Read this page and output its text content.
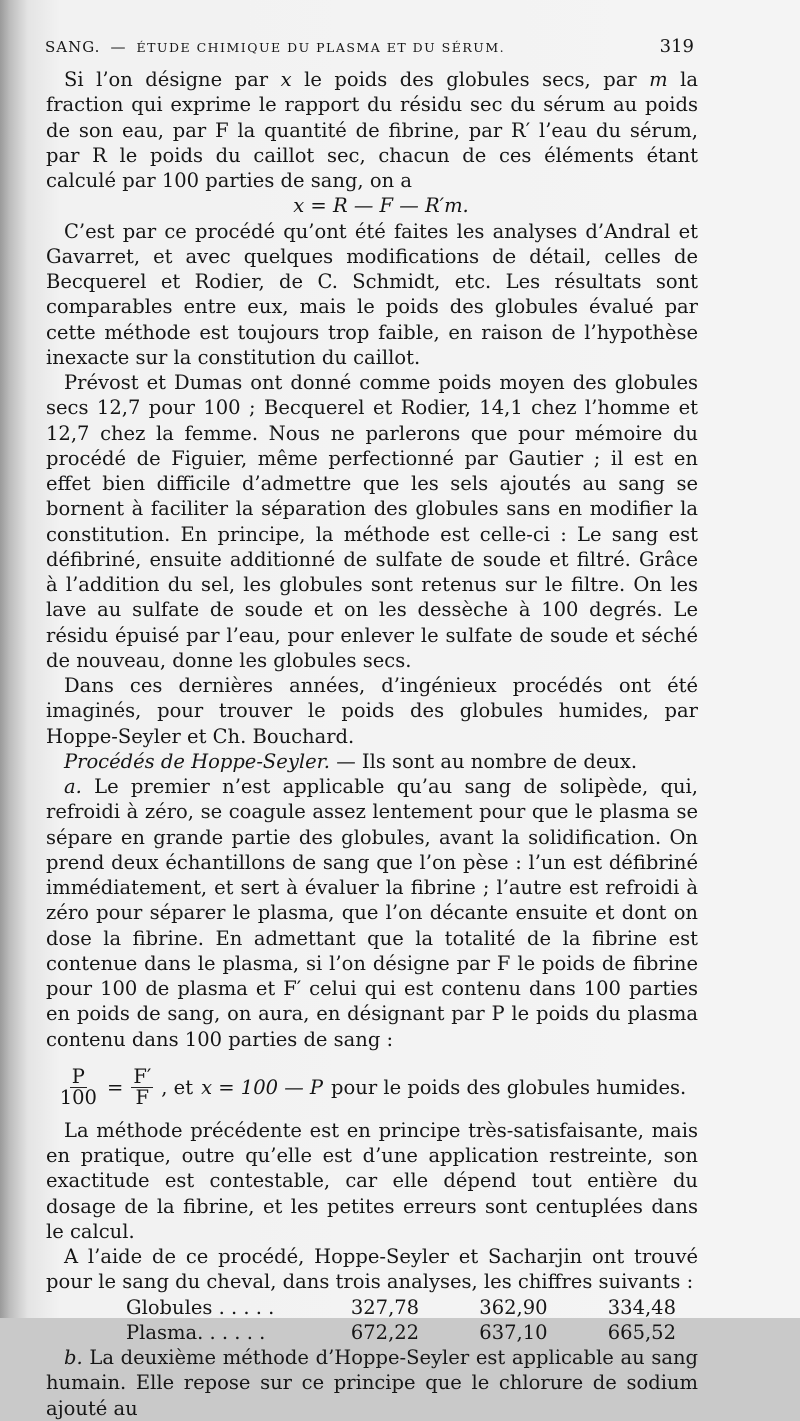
SANG. — ÉTUDE CHIMIQUE DU PLASMA ET DU SÉRUM.	319

Si l’on désigne par x le poids des globules secs, par m la fraction qui exprime le rapport du résidu sec du sérum au poids de son eau, par F la quantité de fibrine, par R′ l’eau du sérum, par R le poids du caillot sec, chacun de ces éléments étant calculé par 100 parties de sang, on a

x = R — F — R′m.

C’est par ce procédé qu’ont été faites les analyses d’Andral et Gavarret, et avec quelques modifications de détail, celles de Becquerel et Rodier, de C. Schmidt, etc. Les résultats sont comparables entre eux, mais le poids des globules évalué par cette méthode est toujours trop faible, en raison de l’hypothèse inexacte sur la constitution du caillot.

Prévost et Dumas ont donné comme poids moyen des globules secs 12,7 pour 100 ; Becquerel et Rodier, 14,1 chez l’homme et 12,7 chez la femme. Nous ne parlerons que pour mémoire du procédé de Figuier, même perfectionné par Gautier ; il est en effet bien difficile d’admettre que les sels ajoutés au sang se bornent à faciliter la séparation des globules sans en modifier la constitution. En principe, la méthode est celle-ci : Le sang est défibriné, ensuite additionné de sulfate de soude et filtré. Grâce à l’addition du sel, les globules sont retenus sur le filtre. On les lave au sulfate de soude et on les dessèche à 100 degrés. Le résidu épuisé par l’eau, pour enlever le sulfate de soude et séché de nouveau, donne les globules secs.

Dans ces dernières années, d’ingénieux procédés ont été imaginés, pour trouver le poids des globules humides, par Hoppe-Seyler et Ch. Bouchard.

Procédés de Hoppe-Seyler. — Ils sont au nombre de deux.

a. Le premier n’est applicable qu’au sang de solipède, qui, refroidi à zéro, se coagule assez lentement pour que le plasma se sépare en grande partie des globules, avant la solidification. On prend deux échantillons de sang que l’on pèse : l’un est défibriné immédiatement, et sert à évaluer la fibrine ; l’autre est refroidi à zéro pour séparer le plasma, que l’on décante ensuite et dont on dose la fibrine. En admettant que la totalité de la fibrine est contenue dans le plasma, si l’on désigne par F le poids de fibrine pour 100 de plasma et F′ celui qui est contenu dans 100 parties en poids de sang, on aura, en désignant par P le poids du plasma contenu dans 100 parties de sang :

$\frac{P}{100} = \frac{F'}{F}$ , et x = 100 — P pour le poids des globules humides.

La méthode précédente est en principe très-satisfaisante, mais en pratique, outre qu’elle est d’une application restreinte, son exactitude est contestable, car elle dépend tout entière du dosage de la fibrine, et les petites erreurs sont centuplées dans le calcul.

A l’aide de ce procédé, Hoppe-Seyler et Sacharjin ont trouvé pour le sang du cheval, dans trois analyses, les chiffres suivants :

Globules . . . . .	327,78	362,90	334,48
Plasma. . . . . .	672,22	637,10	665,52

b. La deuxième méthode d’Hoppe-Seyler est applicable au sang humain. Elle repose sur ce principe que le chlorure de sodium ajouté au
